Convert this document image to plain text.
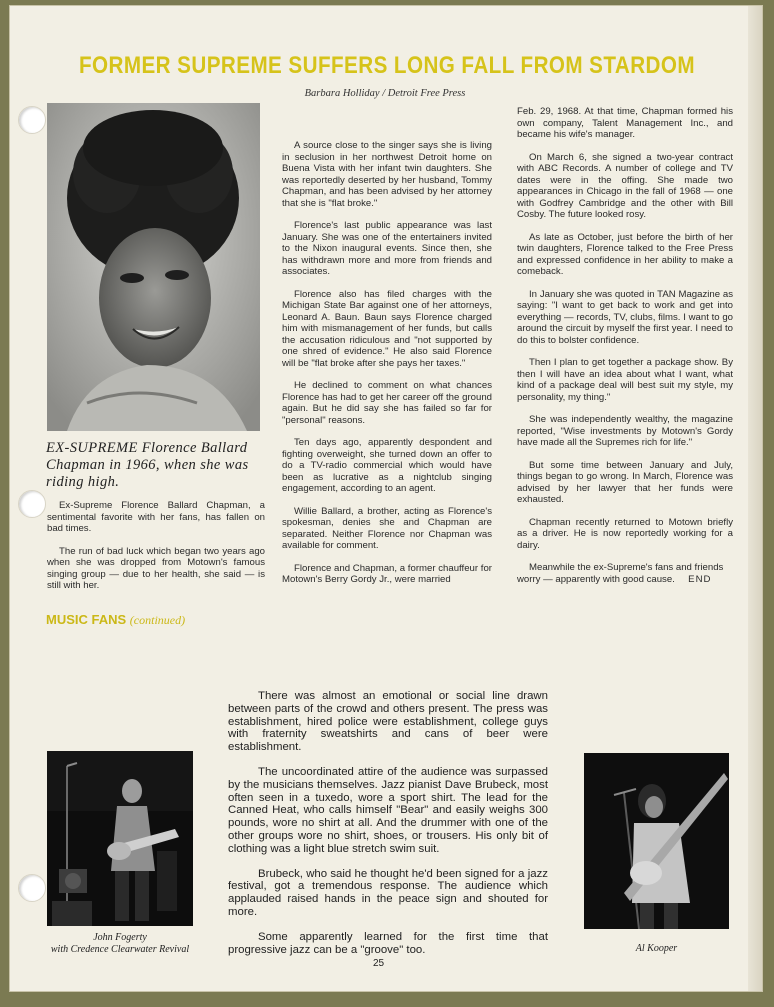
FORMER SUPREME SUFFERS LONG FALL FROM STARDOM
Barbara Holliday / Detroit Free Press
EX-SUPREME Florence Ballard Chapman in 1966, when she was riding high.

Ex-Supreme Florence Ballard Chapman, a sentimental favorite with her fans, has fallen on bad times.

The run of bad luck which began two years ago when she was dropped from Motown's famous singing group — due to her health, she said — is still with her.

A source close to the singer says she is living in seclusion in her northwest Detroit home on Buena Vista with her infant twin daughters. She was reportedly deserted by her husband, Tommy Chapman, and has been advised by her attorney that she is "flat broke."

Florence's last public appearance was last January. She was one of the entertainers invited to the Nixon inaugural events. Since then, she has withdrawn more and more from friends and associates.

Florence also has filed charges with the Michigan State Bar against one of her attorneys, Leonard A. Baun. Baun says Florence charged him with mismanagement of her funds, but calls the accusation ridiculous and "not supported by one shred of evidence." He also said Florence will be "flat broke after she pays her taxes."

He declined to comment on what chances Florence has had to get her career off the ground again. But he did say she has failed so far for "personal" reasons.

Ten days ago, apparently despondent and fighting overweight, she turned down an offer to do a TV-radio commercial which would have been as lucrative as a nightclub singing engagement, according to an agent.

Willie Ballard, a brother, acting as Florence's spokesman, denies she and Chapman are separated. Neither Florence nor Chapman was available for comment.

Florence and Chapman, a former chauffeur for Motown's Berry Gordy Jr., were married

Feb. 29, 1968. At that time, Chapman formed his own company, Talent Management Inc., and became his wife's manager.

On March 6, she signed a two-year contract with ABC Records. A number of college and TV dates were in the offing. She made two appearances in Chicago in the fall of 1968 — one with Godfrey Cambridge and the other with Bill Cosby. The future looked rosy.

As late as October, just before the birth of her twin daughters, Florence talked to the Free Press and expressed confidence in her ability to make a comeback.

In January she was quoted in TAN Magazine as saying: "I want to get back to work and get into everything — records, TV, clubs, films. I want to go around the circuit by myself the first year. I need to do this to bolster confidence.

Then I plan to get together a package show. By then I will have an idea about what I want, what kind of a package deal will best suit my style, my personality, my thing."

She was independently wealthy, the magazine reported, "Wise investments by Motown's Gordy have made all the Supremes rich for life."

But some time between January and July, things began to go wrong. In March, Florence was advised by her lawyer that her funds were exhausted.

Chapman recently returned to Motown briefly as a driver. He is now reportedly working for a dairy.

Meanwhile the ex-Supreme's fans and friends worry — apparently with good cause. END

MUSIC FANS (continued)

There was almost an emotional or social line drawn between parts of the crowd and others present. The press was establishment, hired police were establishment, college guys with fraternity sweatshirts and cans of beer were establishment.

The uncoordinated attire of the audience was surpassed by the musicians themselves. Jazz pianist Dave Brubeck, most often seen in a tuxedo, wore a sport shirt. The lead for the Canned Heat, who calls himself "Bear" and easily weighs 300 pounds, wore no shirt at all. And the drummer with one of the other groups wore no shirt, shoes, or trousers. His only bit of clothing was a light blue stretch swim suit.

Brubeck, who said he thought he'd been signed for a jazz festival, got a tremendous response. The audience which applauded raised hands in the peace sign and shouted for more.

Some apparently learned for the first time that progressive jazz can be a "groove" too.

John Fogerty
with Credence Clearwater Revival	Al Kooper
25
